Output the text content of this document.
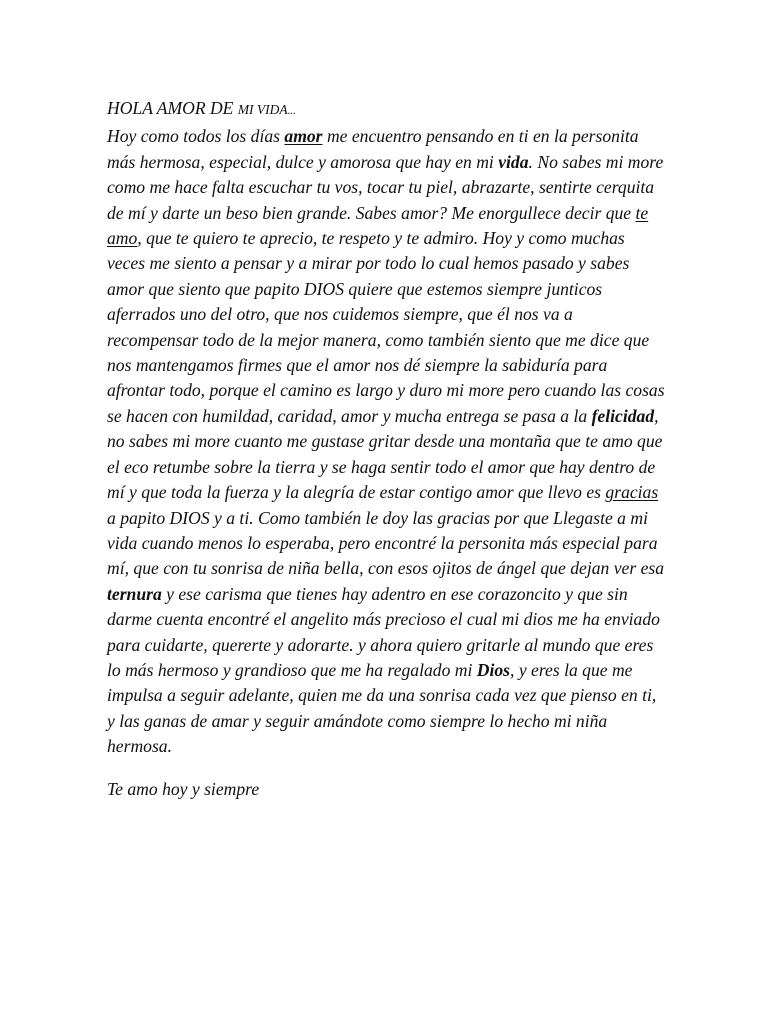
HOLA AMOR DE MI VIDA...

Hoy como todos los días amor me encuentro pensando en ti en la personita más hermosa, especial, dulce y amorosa que hay en mi vida. No sabes mi more como me hace falta escuchar tu vos, tocar tu piel, abrazarte, sentirte cerquita de mí y darte un beso bien grande. Sabes amor? Me enorgullece decir que te amo, que te quiero te aprecio, te respeto y te admiro. Hoy y como muchas veces me siento a pensar y a mirar por todo lo cual hemos pasado y sabes amor que siento que papito DIOS quiere que estemos siempre junticos aferrados uno del otro, que nos cuidemos siempre, que él nos va a recompensar todo de la mejor manera, como también siento que me dice que nos mantengamos firmes que el amor nos dé siempre la sabiduría para afrontar todo, porque el camino es largo y duro mi more pero cuando las cosas se hacen con humildad, caridad, amor y mucha entrega se pasa a la felicidad, no sabes mi more cuanto me gustase gritar desde una montaña que te amo que el eco retumbe sobre la tierra y se haga sentir todo el amor que hay dentro de mí y que toda la fuerza y la alegría de estar contigo amor que llevo es gracias a papito DIOS y a ti. Como también le doy las gracias por que Llegaste a mi vida cuando menos lo esperaba, pero encontré la personita más especial para mí, que con tu sonrisa de niña bella, con esos ojitos de ángel que dejan ver esa ternura y ese carisma que tienes hay adentro en ese corazoncito y que sin darme cuenta encontré el angelito más precioso el cual mi dios me ha enviado para cuidarte, quererte y adorarte. y ahora quiero gritarle al mundo que eres lo más hermoso y grandioso que me ha regalado mi Dios, y eres la que me impulsa a seguir adelante, quien me da una sonrisa cada vez que pienso en ti, y las ganas de amar y seguir amándote como siempre lo hecho mi niña hermosa.

Te amo hoy y siempre
